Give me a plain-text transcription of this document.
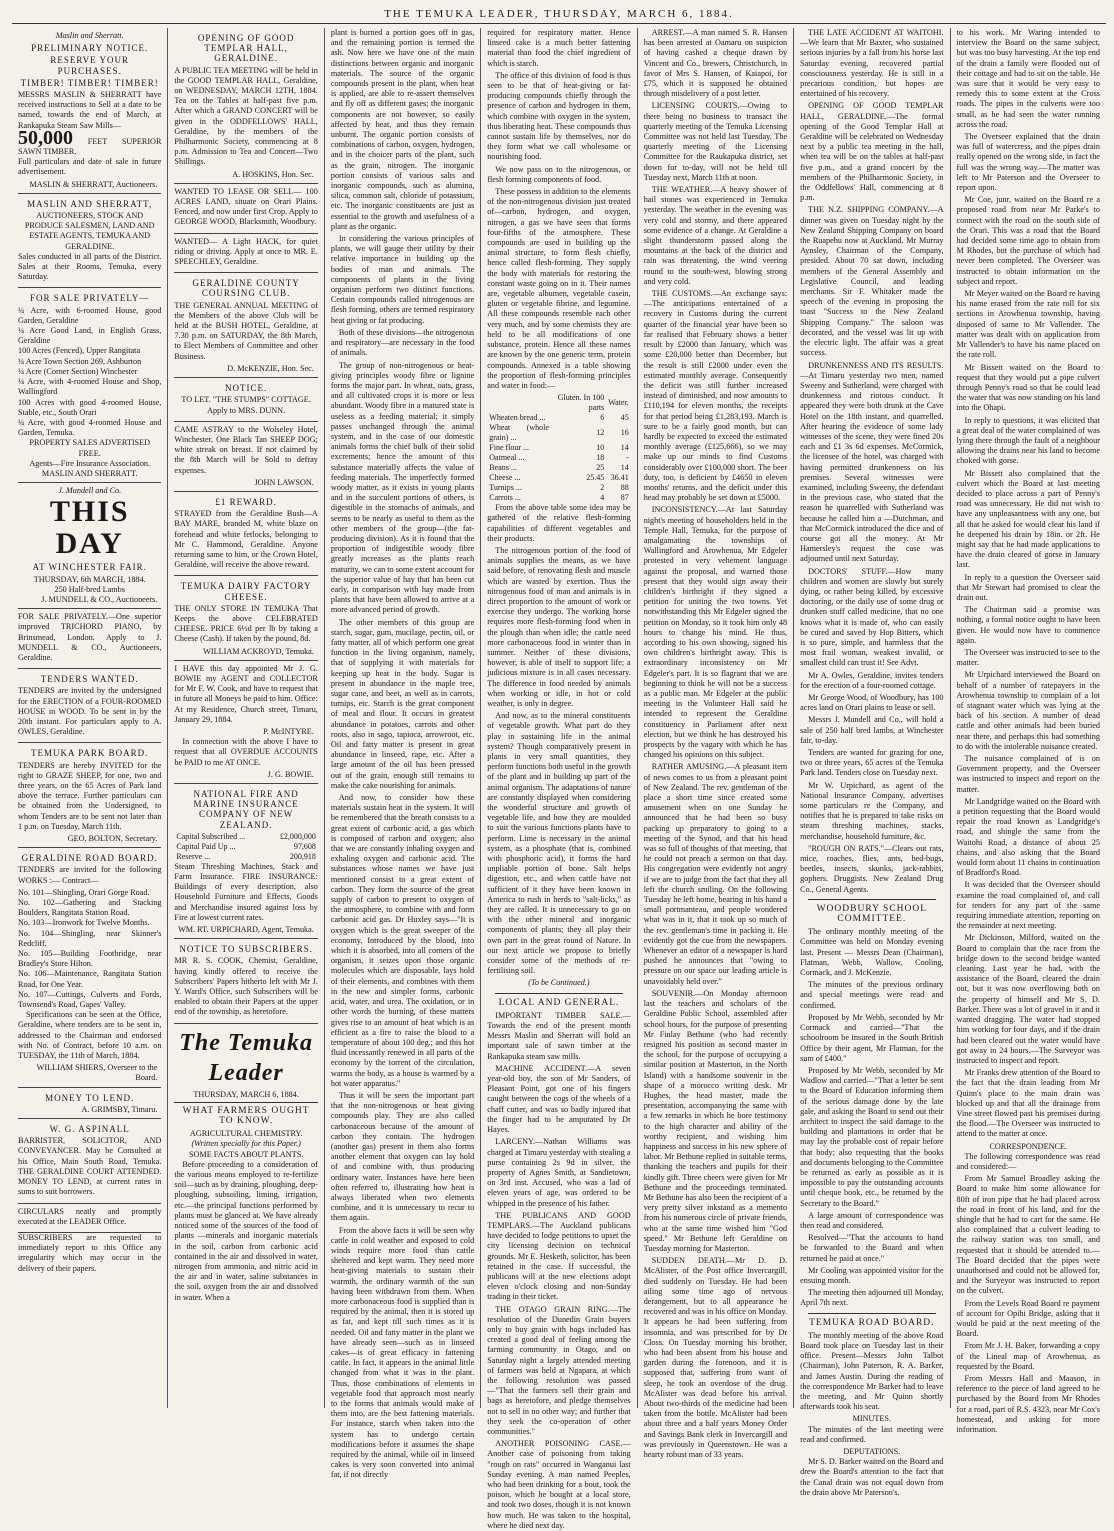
THE TEMUKA LEADER, THURSDAY, MARCH 6, 1884.
Maslin and Sherratt.
PRELIMINARY NOTICE.
RESERVE YOUR PURCHASES.
TIMBER! TIMBER! TIMBER!

MESSRS MASLIN & SHERRATT have received instructions to Sell at a date to be named, towards the end of March, at Rankapuka Steam Saw Mills—

50,000 FEET SUPERIOR SAWN TIMBER.

Full particulars and date of sale in future advertisement.

MASLIN & SHERRATT, Auctioneers.
MASLIN AND SHERRATT,
AUCTIONEERS, STOCK AND PRODUCE SALESMEN, LAND AND ESTATE AGENTS, TEMUKA AND GERALDINE.

Sales conducted in all parts of the District. Sales at their Rooms, Temuka, every Saturday.

FOR SALE PRIVATELY—
¼ Acre, with 6-roomed House, good Garden, Geraldine
¼ Acre Good Land, in English Grass, Geraldine
100 Acres (Fenced), Upper Rangitata
¼ Acre Town Section 269, Ashburton
¼ Acre (Corner Section) Winchester
¼ Acre, with 4-roomed House and Shop, Wallingford
100 Acres with good 4-roomed House, Stable, etc., South Orari
¼ Acre, with good 4-roomed House and Garden, Temuka.
PROPERTY SALES ADVERTISED FREE.
Agents—Fire Insurance Association. MASLIN AND SHERRATT.
J. Mundell and Co.
THIS DAY
AT WINCHESTER FAIR.
THURSDAY, 6th MARCH, 1884.
250 Half-bred Lambs
J. MUNDELL & CO., Auctioneers.

FOR SALE PRIVATELY.—One superior improved TRICHORD PIANO, by Brinsmead, London. Apply to J. MUNDELL & CO., Auctioneers, Geraldine.

TENDERS WANTED.

TENDERS are invited by the undersigned for the ERECTION of a FOUR-ROOMED HOUSE in WOOD. To be sent in by the 20th instant. For particulars apply to A. OWLES, Geraldine.

TEMUKA PARK BOARD.

TENDERS are hereby INVITED for the right to GRAZE SHEEP, for one, two and three years, on the 65 Acres of Park land above the terrace. Further particulars can be obtained from the Undersigned, to whom Tenders are to be sent not later than 1 p.m. on Tuesday, March 11th.

GEO. BOLTON, Secretary.
GERALDINE ROAD BOARD.

TENDERS are invited for the following WORKS :— Contract—

No. 101—Shingling, Orari Gorge Road.
No. 102—Gathering and Stacking Boulders, Rangitata Station Road.
No. 103—Ironwork for Twelve Months.
No. 104—Shingling, near Skinner's Redcliff.
No. 105—Building Footbridge, near Bradley's Store Hilton.
No. 106—Maintenance, Rangitata Station Road, for One Year.
No. 107—Cuttings, Culverts and Fords, Townsend's Road, Gapes' Valley.

Specifications can be seen at the Office, Geraldine, where tenders are to be sent in, addressed to the Chairman and endorsed with No. of Contract, before 10 a.m. on TUESDAY, the 11th of March, 1884.

WILLIAM SHIERS, Overseer to the Board.
MONEY TO LEND.
A. GRIMSBY, Timaru.
W. G. ASPINALL

BARRISTER, SOLICITOR, AND CONVEYANCER. May be Consulted at his Office, Main South Road, Temuka. THE GERALDINE COURT ATTENDED. MONEY TO LEND, at current rates in sums to suit borrowers.

CIRCULARS neatly and promptly executed at the LEADER Office.

SUBSCRIBERS are requested to immediately report to this Office any irregularity which may occur in the delivery of their papers.

OPENING OF GOOD TEMPLAR HALL, GERALDINE.

A PUBLIC TEA MEETING will be held in the GOOD TEMPLAR HALL, Geraldine, on WEDNESDAY, MARCH 12TH, 1884. Tea on the Tables at half-past five p.m. After which a GRAND CONCERT will be given in the ODDFELLOWS' HALL, Geraldine, by the members of the Philharmonic Society, commencing at 8 p.m. Admission to Tea and Concert—Two Shillings.

A. HOSKINS, Hon. Sec.

WANTED TO LEASE OR SELL— 100 ACRES LAND, situate on Orari Plains. Fenced, and now under first Crop. Apply to GEORGE WOOD, Blacksmith, Woodbury.

WANTED— A Light HACK, for quiet riding or driving. Apply at once to MR. E. SPEECHLEY, Geraldine.

GERALDINE COUNTY COURSING CLUB.

THE GENERAL ANNUAL MEETING of the Members of the above Club will be held at the BUSH HOTEL, Geraldine, at 7.30 p.m. on SATURDAY, the 8th March, to Elect Members of Committee and other Business.

D. McKENZIE, Hon. Sec.
NOTICE.

TO LET. "THE STUMPS" COTTAGE. Apply to MRS. DUNN.

CAME ASTRAY to the Wolseley Hotel, Winchester, One Black Tan SHEEP DOG; white streak on breast. If not claimed by the 8th March will be Sold to defray expenses.

JOHN LAWSON.
£1 REWARD.

STRAYED from the Geraldine Bush—A BAY MARE, branded M, white blaze on forehead and white fetlocks, belonging to Mr C. Hammond, Geraldine. Anyone returning same to him, or the Crown Hotel, Geraldine, will receive the above reward.

TEMUKA DAIRY FACTORY CHEESE.

THE ONLY STORE IN TEMUKA That Keeps the above CELEBRATED CHEESE. PRICE 6½d per lb by taking a Cheese (Cash). If taken by the pound, 8d.

WILLIAM ACKROYD, Temuka.

I HAVE this day appointed Mr J. G. BOWIE my AGENT and COLLECTOR for Mr F. W. Cook, and have to request that in future all Moneys be paid to him. Office: At my Residence, Church street, Timaru, January 29, 1884.

P. McINTYRE.

In connection with the above I have to request that all OVERDUE ACCOUNTS be PAID to me AT ONCE.

J. G. BOWIE.
NATIONAL FIRE AND MARINE INSURANCE COMPANY OF NEW ZEALAND.
Capital Subscribed ...	£2,000,000
Capital Paid Up ...	97,608
Reserve ...	200,918

Steam Threshing Machines, Stack and Farm Insurance. FIRE INSURANCE: Buildings of every description, also Household Furniture and Effects, Goods and Merchandise insured against loss by Fire at lowest current rates.

WM. RT. URPICHARD, Agent, Temuka.
NOTICE TO SUBSCRIBERS.

MR R. S. COOK, Chemist, Geraldine, having kindly offered to receive the Subscribers' Papers hitherto left with Mr J. Y. Ward's Office, such Subscribers will be enabled to obtain their Papers at the upper end of the township, as heretofore.

The Temuka Leader
THURSDAY, MARCH 6, 1884.
WHAT FARMERS OUGHT TO KNOW.
AGRICULTURAL CHEMISTRY.
(Written specially for this Paper.)
SOME FACTS ABOUT PLANTS.

Before proceeding to a consideration of the various means employed to re-fertilize soil—such as by draining, ploughing, deep-ploughing, subsoiling, liming, irrigation, etc.—the principal functions performed by plants must be glanced at. We have already noticed some of the sources of the food of plants —minerals and inorganic materials in the soil, carbon from carbonic acid contained in the air and dissolved in water, nitrogen from ammonia, and nitric acid in the air and in water, saline substances in the soil, oxygen from the air and dissolved in water. When a

plant is burned a portion goes off in gas, and the remaining portion is termed the ash. Now here we have one of the main distinctions between organic and inorganic materials. The source of the organic compounds present in the plant, when heat is applied, are able to re-assert themselves and fly off as different gases; the inorganic components are not however, so easily affected by heat, and thus they remain unburnt. The organic portion consists of combinations of carbon, oxygen, hydrogen, and in the choicer parts of the plant, such as the grain, nitrogen. The inorganic portion consists of various salts and inorganic compounds, such as alumina, silica, common salt, chloride of potassium, etc. The inorganic constituents are just as essential to the growth and usefulness of a plant as the organic.

In considering the various principles of plants, we will gauge their utility by their relative importance in building up the bodies of man and animals. The components of plants in the living organism perform two distinct functions. Certain compounds called nitrogenous are flesh forming, others are termed respiratory heat giving or fat producing.

Both of these divisions—the nitrogenous and respiratory—are necessary in the food of animals.

The group of non-nitrogenous or heat-giving principles woody fibre or lignine forms the major part. In wheat, oats, grass, and all cultivated crops it is more or less abundant. Woody fibre in a matured state is useless as a feeding material; it simply passes unchanged through the animal system, and in the case of our domestic animals forms the chief bulk of their solid excrements; hence the amount of this substance materially affects the value of feeding materials. The imperfectly formed woody matter, as it exists in young plants and in the succulent portions of others, is digestible in the stomachs of animals, and seems to be nearly as useful to them as the other members of the group—(the fat-producing division). As it is found that the proportion of indigestible woody fibre greatly increases as the plants reach maturity, we can to some extent account for the superior value of hay that has been cut early, in comparison with hay made from plants that have been allowed to arrive at a more advanced period of growth.

The other members of this group are starch, sugar, gum, mucilage, pectin, oil, or fatty matter, all of which perform one great function in the living organism, namely, that of supplying it with materials for keeping up heat in the body. Sugar is present in abundance in the maple tree, sugar cane, and beet, as well as in carrots, turnips, etc. Starch is the great component of meal and flour. It occurs in greatest abundance in potatoes, carrots and other roots, also in sago, tapioca, arrowroot, etc. Oil and fatty matter is present in great abundance in linseed, rape, etc. After a large amount of the oil has been pressed out of the grain, enough still remains to make the cake nourishing for animals.

And now, to consider how these materials sustain heat in the system. It will be remembered that the breath consists to a great extent of carbonic acid, a gas which is composed of carbon and oxygen; also that we are constantly inhaling oxygen and exhaling oxygen and carbonic acid. The substances whose names we have just mentioned consist to a great extent of carbon. They form the source of the great supply of carbon to present to oxygen of the atmosphere, to combine with and form carbonic acid gas. Dr Huxley says—"It is oxygen which is the great sweeper of the economy. Introduced by the blood, into which it is absorbed, into all corners of the organism, it seizes upon those organic molecules which are disposable, lays hold of their elements, and combines with them in the new and simpler forms, carbonic acid, water, and urea. The oxidation, or in other words the burning, of these matters gives rise to an amount of heat which is as efficient as a fire to raise the blood to a temperature of about 100 deg.; and this hot fluid incessantly renewed in all parts of the economy by the torrent of the circulation, warms the body, as a house is warmed by a hot water apparatus."

Thus it will be seen the important part that the non-nitrogenous or heat giving compounds play. They are also called carbonaceous because of the amount of carbon they contain. The hydrogen (another gas) present in them also forms another element that oxygen can lay hold of and combine with, thus producing ordinary water. Instances have here been often referred to, illustrating how heat is always liberated when two elements combine, and it is unnecessary to recur to them again.

From the above facts it will be seen why cattle in cold weather and exposed to cold winds require more food than cattle sheltered and kept warm. They need more heat-giving materials to sustain their warmth, the ordinary warmth of the sun having been withdrawn from them. When more carbonaceous food is supplied than is required by the animal, then it is stored up as fat, and kept till such times as it is needed. Oil and fatty matter in the plant we have already seen—such as in linseed cakes—is of great efficacy in fattening cattle. In fact, it appears in the animal little changed from what it was in the plant. Thus, those combinations of elements in vegetable food that approach most nearly to the forms that animals would make of them into, are the best fattening materials. For instance, starch when taken into the system has to undergo certain modifications before it assumes the shape required by the animal, while oil in linseed cakes is very soon converted into animal fat, if not directly

required for respiratory matter. Hence linseed cake is a much better fattening material than food the chief ingredient of which is starch.

The office of this division of food is thus seen to be that of heat-giving or fat-producing compounds chiefly through the presence of carbon and hydrogen in them, which combine with oxygen in the system, thus liberating heat. These compounds thus cannot sustain life by themselves, nor do they form what we call wholesome or nourishing food.

We now pass on to the nitrogenous, or flesh forming components of food.

These possess in addition to the elements of the non-nitrogenous division just treated of—carbon, hydrogen, and oxygen, nitrogen, a gas we have seen that forms four-fifths of the atmosphere. These compounds are used in building up the animal structure, to form flesh chiefly, hence called flesh-forming. They supply the body with materials for restoring the constant waste going on in it. Their names are, vegetable albumen, vegetable casein, gluten or vegetable fibrine, and legumine. All these compounds resemble each other very much, and by some chemists they are held to be all modifications of one substance, protein. Hence all these names are known by the one generic term, protein compounds. Annexed is a table showing the proportion of flesh-forming principles and water in food:—

	Gluten. In 100 parts	Water.
Wheaten bread ...	6	45
Wheat (whole grain) ...	12	16
Fine flour ...	10	14
Oatmeal ...	18	-
Beans ...	25	14
Cheese ...	25.45	36.41
Turnips ...	2	88
Carrots ...	4	87

From the above table some idea may be gathered of the relative flesh-forming capabilities of different vegetables and their products.

The nitrogenous portion of the food of animals supplies the means, as we have said before, of renovating flesh and muscle which are wasted by exertion. Thus the nitrogenous food of man and animals is in direct proportion to the amount of work or exercise they undergo. The working horse requires more flesh-forming food when in the plough than when idle; the cattle need more carbonaceous food in winter than in summer. Neither of these divisions, however, is able of itself to support life; a judicious mixture is in all cases necessary. The difference in food needed by animals when working or idle, in hot or cold weather, is only in degree.

And now, as to the mineral constituents of vegetable growth. What part do they play in sustaining life in the animal system? Though comparatively present in plants in very small quantities, they perform functions both useful in the growth of the plant and in building up part of the animal organism. The adaptations of nature are constantly displayed when considering the wonderful structure and growth of vegetable life, and how they are moulded to suit the various functions plants have to perform. Lime is necessary in the animal system, as a phosphate (that is, combined with phosphoric acid), it forms the hard unpliable portion of bone. Salt helps digestion, etc., and when cattle have not sufficient of it they have been known in America to rush in herds to "salt-licks," as they are called. It is unnecessary to go on with the other mineral and inorganic components of plants; they all play their own part in the great round of Nature. In our next article we propose to briefly consider some of the methods of re-fertilising soil.

(To be Continued.)
LOCAL AND GENERAL.

IMPORTANT TIMBER SALE.—Towards the end of the present month Messrs Maslin and Sherratt will hold an important sale of sawn timber at the Rankapuka steam saw mills.

MACHINE ACCIDENT.—A seven year-old boy, the son of Mr Sanders, of Pleasant Point, got one of his fingers caught between the cogs of the wheels of a chaff cutter, and was so badly injured that the finger had to be amputated by Dr Hayes.

LARCENY.—Nathan Williams was charged at Timaru yesterday with stealing a purse containing 2s 9d in silver, the property of Agnes Smith, at Sandietown, on 3rd inst. Accused, who was a lad of eleven years of age, was ordered to be whipped in the presence of his father.

THE PUBLICANS AND GOOD TEMPLARS.—The Auckland publicans have decided to lodge petitions to upset the city licensing decision on technical grounds. Mr E. Hesketh, solicitor, has been retained in the case. If successful, the publicans will at the new elections adopt eleven o'clock closing and non-Sunday trading in their ticket.

THE OTAGO GRAIN RING.—The resolution of the Dunedin Grain buyers only to buy grain with bags included has created a good deal of feeling among the farming community in Otago, and on Saturday night a largely attended meeting of farmers was held at Ngapara, at which the following resolution was passed—"That the farmers sell their grain and bags as heretofore, and pledge themselves not to sell in no other way; and further that they seek the co-operation of other communities."

ANOTHER POISONING CASE.—Another case of poisoning from taking "rough on rats" occurred in Wanganui last Sunday evening. A man named Peeples, who had been drinking for a bout, took the poison, which he bought at a local store, and took two doses, though it is not known how much. He was taken to the hospital, where he died next day.

ARREST.—A man named S. R. Hansen has been arrested at Oamaru on suspicion of having cashed a cheque drawn by Vincent and Co., brewers, Christchurch, in favor of Mrs S. Hansen, of Kaiapoi, for £75, which it is supposed he obtained through misdelivery of a post letter.

LICENSING COURTS.—Owing to there being no business to transact the quarterly meeting of the Temuka Licensing Committee was not held last Tuesday. The quarterly meeting of the Licensing Committee for the Raukapuka district, set down for to-day, will not be held till Tuesday next, March 11th at noon.

THE WEATHER.—A heavy shower of hail stones was experienced in Temuka yesterday. The weather in the evening was very cold and stormy, and there appeared some evidence of a change. At Geraldine a slight thunderstorm passed along the mountains at the back of the district and rain was threatening, the wind veering round to the south-west, blowing strong and very cold.

THE CUSTOMS.—An exchange says:—The anticipations entertained of a recovery in Customs during the current quarter of the financial year have been so far realised that February shows a better result by £2000 than January, which was some £20,000 better than December, but the result is still £2000 under even the estimated monthly average. Consequently the deficit was still further increased instead of diminished, and now amounts to £110,194 for eleven months, the receipts for that period being £1,283,193. March is sure to be a fairly good month, but can hardly be expected to exceed the estimated monthly average (£125,666), so we may make up our minds to find Customs considerably over £100,000 short. The beer duty, too, is deficient by £4650 in eleven months' returns, and the deficit under this head may probably be set down at £5000.

INCONSISTENCY.—At last Saturday night's meeting of householders held in the Temple Hall, Temuka, for the purpose of amalgamating the townships of Wallingford and Arowhenua, Mr Edgeler protested in very vehement language against the proposal, and warned those present that they would sign away their children's birthright if they signed a petition for uniting the two towns. Yet notwithstanding this Mr Edgeler signed the petition on Monday, so it took him only 48 hours to change his mind. He thus, according to his own showing, signed his own children's birthright away. This is extraordinary inconsistency on Mr Edgeler's part. It is so flagrant that we are beginning to think he will not be a success as a public man. Mr Edgeler at the public meeting in the Volunteer Hall said he intended to represent the Geraldine constituency in Parliament after next election, but we think he has destroyed his prospects by the vagary with which he has changed his opinions on this subject.

RATHER AMUSING.—A pleasant item of news comes to us from a pleasant point of New Zealand. The rev. gentleman of the place a short time since created some amusement when on one Sunday he announced that he had been so busy packing up preparatory to going to a meeting of the Synod, and that his head was so full of thoughts of that meeting, that he could not preach a sermon on that day. His congregation were evidently not angry if we are to judge from the fact that they all left the church smiling. On the following Tuesday he left home, bearing in his hand a small portmanteau, and people wondered what was in it, that it took up so much of the rev. gentleman's time in packing it. He evidently got the cue from the newspapers. Whenever an editor of a newspaper is hard pushed he announces that "owing to pressure on our space our leading article is unavoidably held over."

SOUVENIR.—On Monday afternoon last the teachers and scholars of the Geraldine Public School, assembled after school hours, for the purpose of presenting Mr Finlay Bethune (who had recently resigned his position as second master in the school, for the purpose of occupying a similar position at Masterton, in the North Island) with a handsome souvenir in the shape of a morocco writing desk. Mr Hughes, the head master, made the presentation, accompanying the same with a few remarks in which he bore testimony to the high character and ability of the worthy recipient, and wishing him happiness and success in his new sphere of labor. Mr Bethune replied in suitable terms, thanking the teachers and pupils for their kindly gift. Three cheers were given for Mr Bethune and the proceedings terminated. Mr Bethune has also been the recipient of a very pretty silver inkstand as a memento from his numerous circle of private friends, who at the same time wished him "God speed." Mr Bethune left Geraldine on Tuesday morning for Masterton.

SUDDEN DEATH.—Mr D. D. McAlister, of the Post office Invercargill, died suddenly on Tuesday. He had been ailing some time ago of nervous derangement, but to all appearance he recovered and was in his office on Monday. It appears he had been suffering from insomnia, and was prescribed for by Dr Closs. On Tuesday morning his brother, who had been absent from his house and garden during the forenoon, and it is supposed that, suffering from want of sleep, he took an overdose of the drug. McAlister was dead before his arrival. About two-thirds of the medicine had been taken from the bottle. McAlister had been about three and a half years Money Order and Savings Bank clerk in Invercargill and was previously in Queenstown. He was a hearty robust man of 33 years.

THE LATE ACCIDENT AT WAITOHI.—We learn that Mr Baxter, who sustained serious injuries by a fall from his horse last Saturday evening, recovered partial consciousness yesterday. He is still in a precarious condition, but hopes are entertained of his recovery.

OPENING OF GOOD TEMPLAR HALL, GERALDINE.—The formal opening of the Good Templar Hall at Geraldine will be celebrated on Wednesday next by a public tea meeting in the hall, when tea will be on the tables at half-past five p.m., and a grand concert by the members of the Philharmonic Society, in the Oddfellows' Hall, commencing at 8 p.m.

THE N.Z. SHIPPING COMPANY.—A dinner was given on Tuesday night by the New Zealand Shipping Company on board the Ruapehu now at Auckland. Mr Murray Aynsley, Chairman of the Company, presided. About 70 sat down, including members of the General Assembly and Legislative Council, and leading merchants. Sir F. Whitaker made the speech of the evening in proposing the toast "Success to the New Zealand Shipping Company." The saloon was decorated, and the vessel was lit up with the electric light. The affair was a great success.

DRUNKENNESS AND ITS RESULTS.—At Timaru yesterday two men, named Sweeny and Sutherland, were charged with drunkenness and riotous conduct. It appeared they were both drunk at the Cave Hotel on the 18th instant, and quarrelled. After hearing the evidence of some lady witnesses of the scene, they were fined 20s each and £1 3s 6d expenses. McCormick, the licensee of the hotel, was charged with having permitted drunkenness on his premises. Several witnesses were examined, including Sweeny, the defendant in the previous case, who stated that the reason he quarrelled with Sutherland was because he called him a —Dutchman, and that McCormick introduced the dice and of course got all the money. At Mr Hamersley's request the case was adjourned until next Saturday.

DOCTORS' STUFF.—How many children and women are slowly but surely dying, or rather being killed, by excessive doctoring, or the daily use of some drug or drunken stuff called medicine, that no one knows what it is made of, who can easily be cured and saved by Hop Bitters, which is so pure, simple, and harmless that the most frail woman, weakest invalid, or smallest child can trust it! See Advt.

Mr A. Owles, Geraldine, invites tenders for the erection of a four-roomed cottage.

Mr George Wood, of Woodbury, has 100 acres land on Orari plains to lease or sell.

Messrs J. Mundell and Co., will hold a sale of 250 half bred lambs, at Winchester fair, to-day.

Tenders are wanted for grazing for one, two or three years, 65 acres of the Temuka Park land. Tenders close on Tuesday next.

Mr W. Urpichard, as agent of the National Insurance Company, advertises some particulars re the Company, and notifies that he is prepared to take risks on steam threshing machines, stacks, merchandise, household furniture, &c.

"ROUGH ON RATS."—Clears out rats, mice, roaches, flies, ants, bed-bugs, beetles, insects, skunks, jack-rabbits, gophers. Druggists. New Zealand Drug Co., General Agents.

WOODBURY SCHOOL COMMITTEE.

The ordinary monthly meeting of the Committee was held on Monday evening last. Present — Messrs Dean (Chairman), Flatman, Webb, Wallow, Cooling, Cormack, and J. McKenzie.

The minutes of the previous ordinary and special meetings were read and confirmed.

Proposed by Mr Webb, seconded by Mr Cormack and carried—"That the schoolroom be insured in the South British Office by their agent, Mr Flatman, for the sum of £400."

Proposed by Mr Webb, seconded by Mr Wadlow and carried—"That a letter be sent to the Board of Education informing them of the serious damage done by the late gale, and asking the Board to send out their architect to inspect the said damage to the building and plantations in order that he may lay the probable cost of repair before that body; also requesting that the books and documents belonging to the Committee be returned as early as possible as it is impossible to pay the outstanding accounts until cheque book, etc., be returned by the Secretary to the Board."

A large amount of correspondence was then read and considered.

Resolved—"That the accounts to hand be forwarded to the Board and when returned be paid at once."

Mr Cooling was appointed visitor for the ensuing month.

The meeting then adjourned till Monday, April 7th next.

TEMUKA ROAD BOARD.

The monthly meeting of the above Road Board took place on Tuesday last in their office. Present—Messrs John Talbot (Chairman), John Paterson, R. A. Barker, and James Austin. During the reading of the correspondence Mr Barker had to leave the meeting, and Mr Quinn shortly afterwards took his seat.

MINUTES.

The minutes of the last meeting were read and confirmed.

DEPUTATIONS.

Mr S. D. Barker waited on the Board and drew the Board's attention to the fact that the Canal drain was not equal down from the drain above Mr Paterson's.

to his work. Mr Waring intended to interview the Board on the same subject, but was too busy harvesting. At the top end of the drain a family were flooded out of their cottage and had to sit on the table. He was sure that it would be very easy to remedy this to some extent at the Cross roads. The pipes in the culverts were too small, as he had seen the water running across the road.

The Overseer explained that the drain was full of watercress, and the pipes drain really opened on the wrong side, in fact the full was the wrong way.—The matter was left to Mr Paterson and the Overseer to report upon.

Mr Coe, junr, waited on the Board re a proposed road from near Mr Parke's to connect with the road on the south side of the Orari. This was a road that the Board had decided some time ago to obtain from M Rhodes, but the purchase of which had never been completed. The Overseer was instructed to obtain information on the subject and report.

Mr Meyer waited on the Board re having his name erased from the rate roll for six sections in Arowhenua township, having disposed of same to Mr Vallender. The matter was dealt with on application from Mr Vallender's to have his name placed on the rate roll.

Mr Bissett waited on the Board to request that they would put a pipe culvert through Penny's road so that he could lead the water that was now standing on his land into the Ohapi.

In reply to questions, it was elicited that a great deal of the water complained of was lying there through the fault of a neighbour allowing the drains near his land to become choked with gorse.

Mr Bissett also complained that the culvert which the Board at last meeting decided to place across a part of Penny's road was unnecessary. He did not wish to have any unpleasantness with any one, but all that he asked for would clear his land if he deepened his drain by 18in. or 2ft. He might say that he had made applications to have the drain cleared of gorse in January last.

In reply to a question the Overseer said that Mr Stewart had promised to clear the drain out.

The Chairman said a promise was nothing, a formal notice ought to have been given. He would now have to commence again.

The Overseer was instructed to see to the matter.

Mr Urpichard interviewed the Board on behalf of a number of ratepayers in the Arowhenua township to complain of a lot of stagnant water which was lying at the back of his section. A number of dead cattle and other animals had been buried near there, and perhaps this had something to do with the intolerable nuisance created.

The nuisance complained of is on Government property, and the Overseer was instructed to inspect and report on the matter.

Mr Landgridge waited on the Board with a petition requesting that the Board would repair the road known as Landgridge's road, and shingle the same from the Waitohi Road, a distance of about 25 chains, and also asking that the Board would form about 11 chains in continuation of Bradford's Road.

It was decided that the Overseer should examine the road complained of, and call for tenders for any part of the same requiring immediate attention, reporting on the remainder at next meeting.

Mr Dickinson, Milford, waited on the Board to complain that the race from the bridge down to the second bridge wanted cleaning. Last year he had, with the assistance of the Board, cleared the drain out, but it was now overflowing both on the property of himself and Mr S. D. Barker. There was a lot of gravel in it and it wanted dragging. The water had stopped him working for four days, and if the drain had been cleared out the water would have got away in 24 hours.—The Surveyor was instructed to inspect and report.

Mr Franks drew attention of the Board to the fact that the drain leading from Mr Quinn's place to the main drain was blocked up and that all the drainage from Vine street flowed past his premises during the flood.—The Overseer was instructed to attend to the matter at once.

CORRESPONDENCE.

The following correspondence was read and considered:—

From Mr Samuel Broadley asking the Board to make him some allowance for 80ft of iron pipe that he had placed across the road in front of his land, and for the shingle that he had to cart for the same. He also complained that a culvert leading to the railway station was too small, and requested that it should be attended to.—The Board decided that the pipes were unauthorised and could not be allowed for, and the Surveyor was instructed to report on the culvert.

From the Levels Road Board re payment of account for Opihi Bridge, asking that it would be paid at the next meeting of the Board.

From Mr J. H. Baker, forwarding a copy of the Lineal map of Arowhenua, as requested by the Board.

From Messrs Hall and Maason, in reference to the piece of land agreed to be purchased by the Board from Mr Rhodes for a road, part of R.S. 4323, near Mr Cox's homestead, and asking for more information.
